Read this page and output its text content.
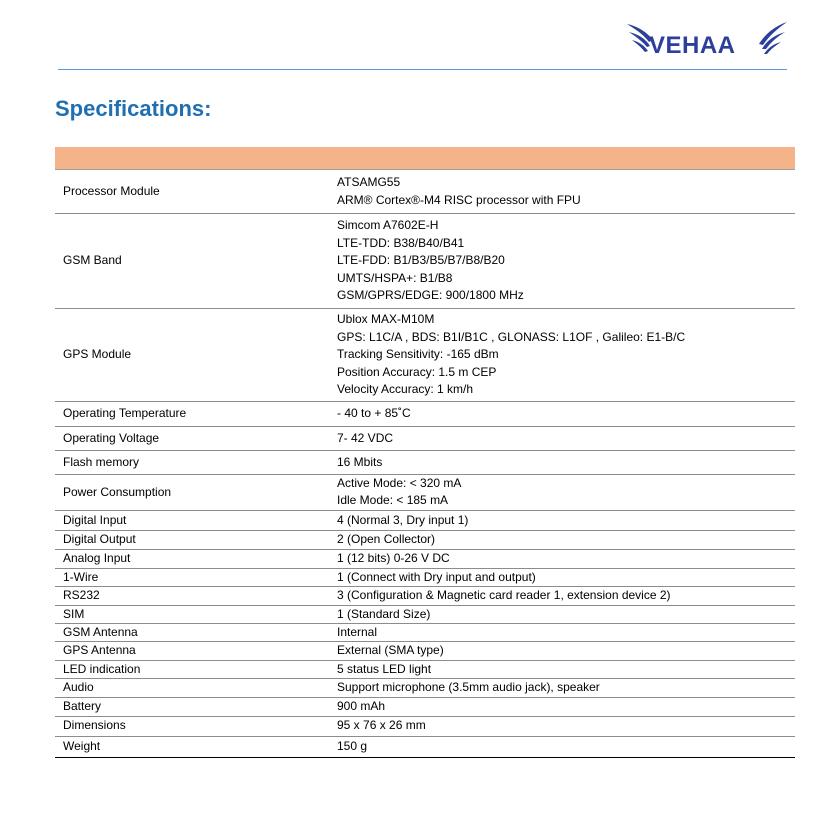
VEHAA
Specifications:

Processor Module	ATSAMG55
ARM® Cortex®-M4 RISC processor with FPU

GSM Band	Simcom A7602E-H
LTE-TDD: B38/B40/B41
LTE-FDD: B1/B3/B5/B7/B8/B20
UMTS/HSPA+: B1/B8
GSM/GPRS/EDGE: 900/1800 MHz

GPS Module	Ublox MAX-M10M
GPS: L1C/A , BDS: B1I/B1C , GLONASS: L1OF , Galileo: E1-B/C
Tracking Sensitivity: -165 dBm
Position Accuracy: 1.5 m CEP
Velocity Accuracy: 1 km/h

Operating Temperature	- 40 to + 85˚C

Operating Voltage	7- 42 VDC

Flash memory	16 Mbits

Power Consumption	Active Mode: < 320 mA
Idle Mode: < 185 mA

Digital Input	4 (Normal 3, Dry input 1)

Digital Output	2 (Open Collector)

Analog Input	1 (12 bits) 0-26 V DC

1-Wire	1 (Connect with Dry input and output)

RS232	3 (Configuration & Magnetic card reader 1, extension device 2)

SIM	1 (Standard Size)

GSM Antenna	Internal

GPS Antenna	External (SMA type)

LED indication	5 status LED light

Audio	Support microphone (3.5mm audio jack), speaker

Battery	900 mAh

Dimensions	95 x 76 x 26 mm

Weight	150 g
